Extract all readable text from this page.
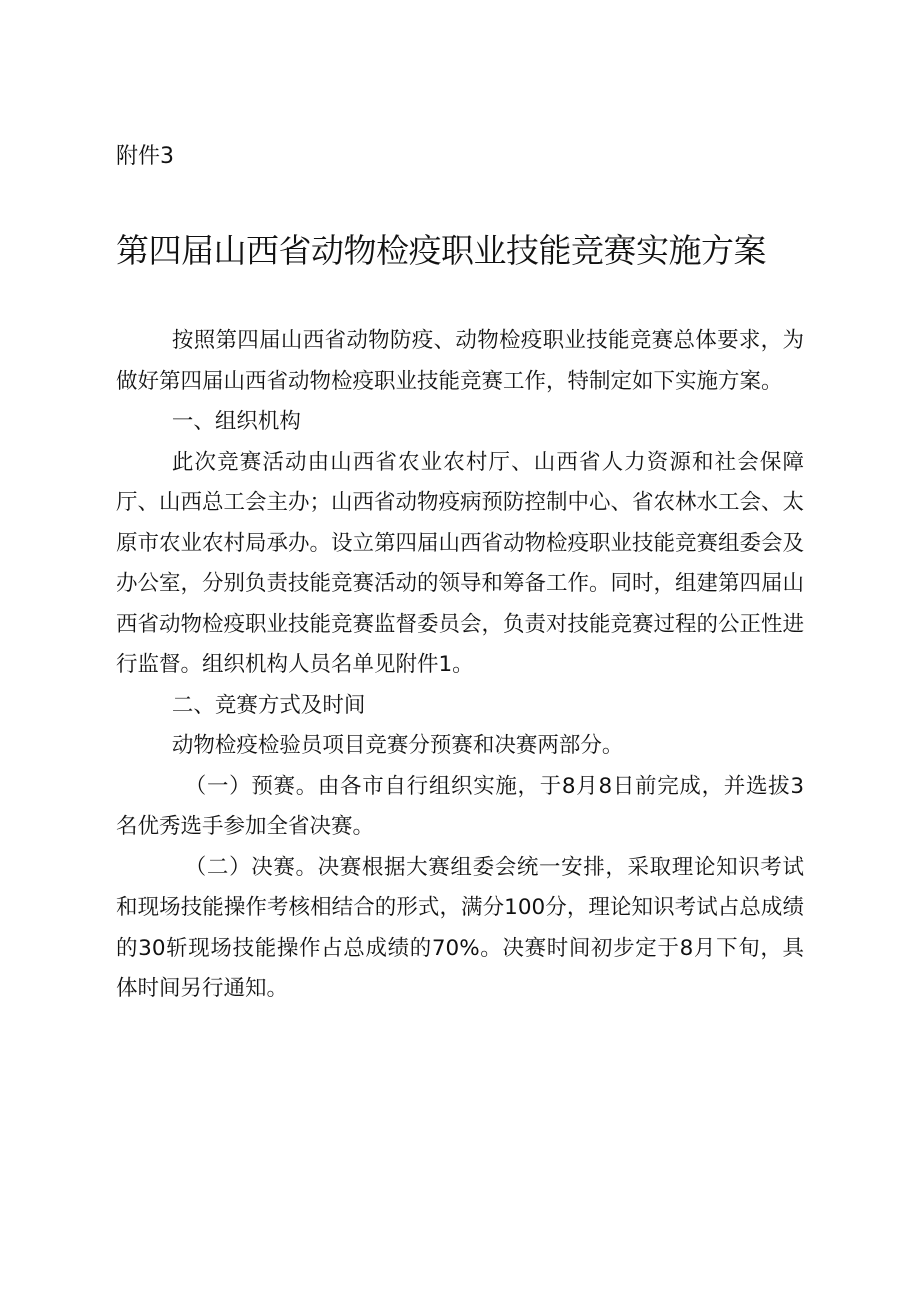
附件3
第四届山西省动物检疫职业技能竞赛实施方案

按照第四届山西省动物防疫、动物检疫职业技能竞赛总体要求，为做好第四届山西省动物检疫职业技能竞赛工作，特制定如下实施方案。

一、组织机构

此次竞赛活动由山西省农业农村厅、山西省人力资源和社会保障厅、山西总工会主办；山西省动物疫病预防控制中心、省农林水工会、太原市农业农村局承办。设立第四届山西省动物检疫职业技能竞赛组委会及办公室，分别负责技能竞赛活动的领导和筹备工作。同时，组建第四届山西省动物检疫职业技能竞赛监督委员会，负责对技能竞赛过程的公正性进行监督。组织机构人员名单见附件1。

二、竞赛方式及时间

动物检疫检验员项目竞赛分预赛和决赛两部分。

（一）预赛。由各市自行组织实施，于8月8日前完成，并选拔3名优秀选手参加全省决赛。

（二）决赛。决赛根据大赛组委会统一安排，采取理论知识考试和现场技能操作考核相结合的形式，满分100分，理论知识考试占总成绩的30斩现场技能操作占总成绩的70%。决赛时间初步定于8月下旬，具体时间另行通知。
